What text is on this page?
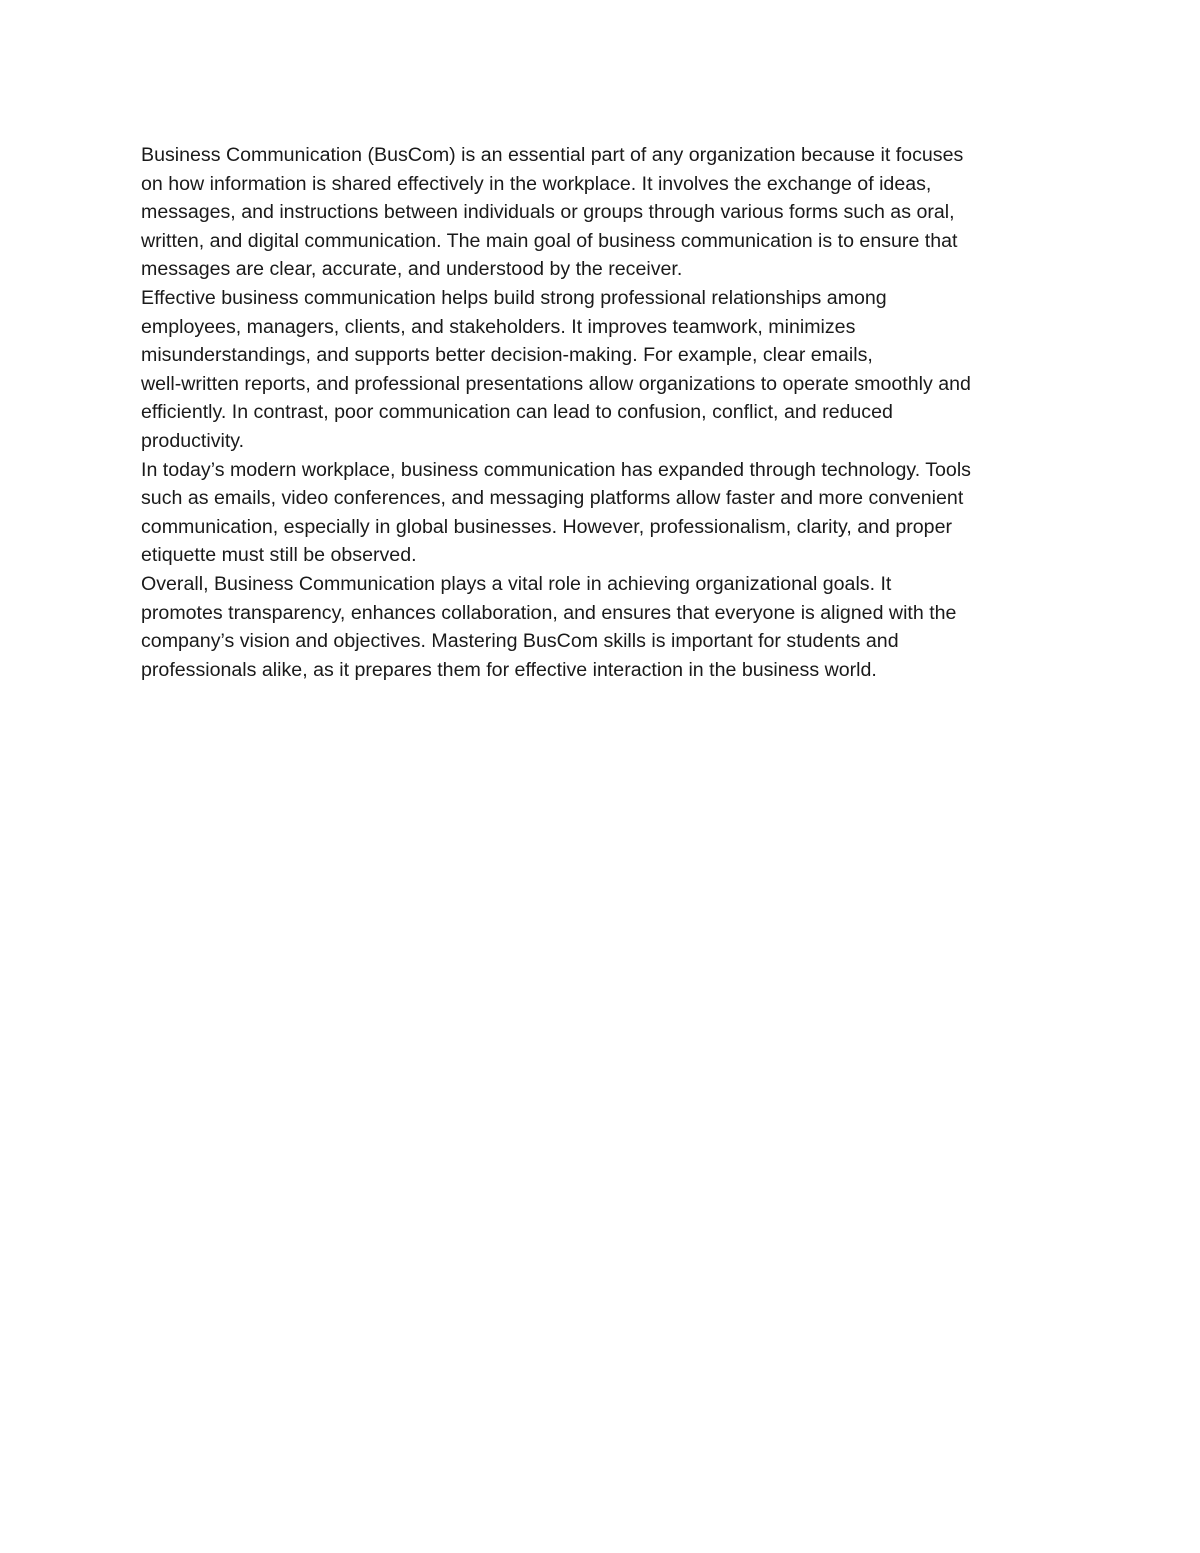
Business Communication (BusCom) is an essential part of any organization because it focuses
on how information is shared effectively in the workplace. It involves the exchange of ideas,
messages, and instructions between individuals or groups through various forms such as oral,
written, and digital communication. The main goal of business communication is to ensure that
messages are clear, accurate, and understood by the receiver.
Effective business communication helps build strong professional relationships among
employees, managers, clients, and stakeholders. It improves teamwork, minimizes
misunderstandings, and supports better decision-making. For example, clear emails,
well-written reports, and professional presentations allow organizations to operate smoothly and
efficiently. In contrast, poor communication can lead to confusion, conflict, and reduced
productivity.
In today’s modern workplace, business communication has expanded through technology. Tools
such as emails, video conferences, and messaging platforms allow faster and more convenient
communication, especially in global businesses. However, professionalism, clarity, and proper
etiquette must still be observed.
Overall, Business Communication plays a vital role in achieving organizational goals. It
promotes transparency, enhances collaboration, and ensures that everyone is aligned with the
company’s vision and objectives. Mastering BusCom skills is important for students and
professionals alike, as it prepares them for effective interaction in the business world.
